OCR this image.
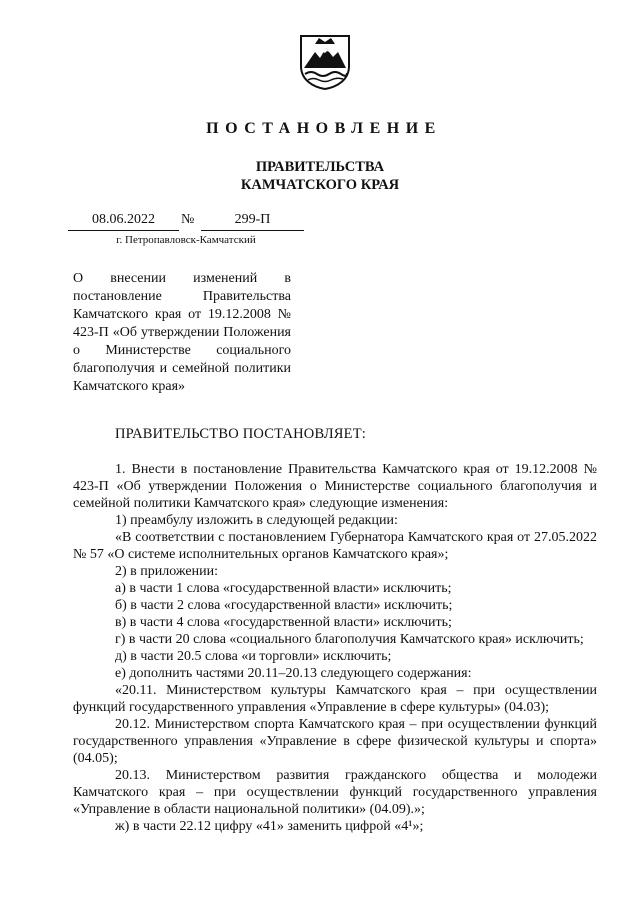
ПОСТАНОВЛЕНИЕ
ПРАВИТЕЛЬСТВА
КАМЧАТСКОГО КРАЯ
08.06.2022	№	299-П
г. Петропавловск-Камчатский
О внесении изменений в постановление Правительства Камчатского края от 19.12.2008 № 423-П «Об утверждении Положения о Министерстве социального благополучия и семейной политики Камчатского края»
ПРАВИТЕЛЬСТВО ПОСТАНОВЛЯЕТ:

1. Внести в постановление Правительства Камчатского края от 19.12.2008 № 423-П «Об утверждении Положения о Министерстве социального благополучия и семейной политики Камчатского края» следующие изменения:

1) преамбулу изложить в следующей редакции:

«В соответствии с постановлением Губернатора Камчатского края от 27.05.2022 № 57 «О системе исполнительных органов Камчатского края»;

2) в приложении:

а) в части 1 слова «государственной власти» исключить;

б) в части 2 слова «государственной власти» исключить;

в) в части 4 слова «государственной власти» исключить;

г) в части 20 слова «социального благополучия Камчатского края» исключить;

д) в части 20.5 слова «и торговли» исключить;

е) дополнить частями 20.11–20.13 следующего содержания:

«20.11. Министерством культуры Камчатского края – при осуществлении функций государственного управления «Управление в сфере культуры» (04.03);

20.12. Министерством спорта Камчатского края – при осуществлении функций государственного управления «Управление в сфере физической культуры и спорта» (04.05);

20.13. Министерством развития гражданского общества и молодежи Камчатского края – при осуществлении функций государственного управления «Управление в области национальной политики» (04.09).»;

ж) в части 22.12 цифру «41» заменить цифрой «4¹»;
